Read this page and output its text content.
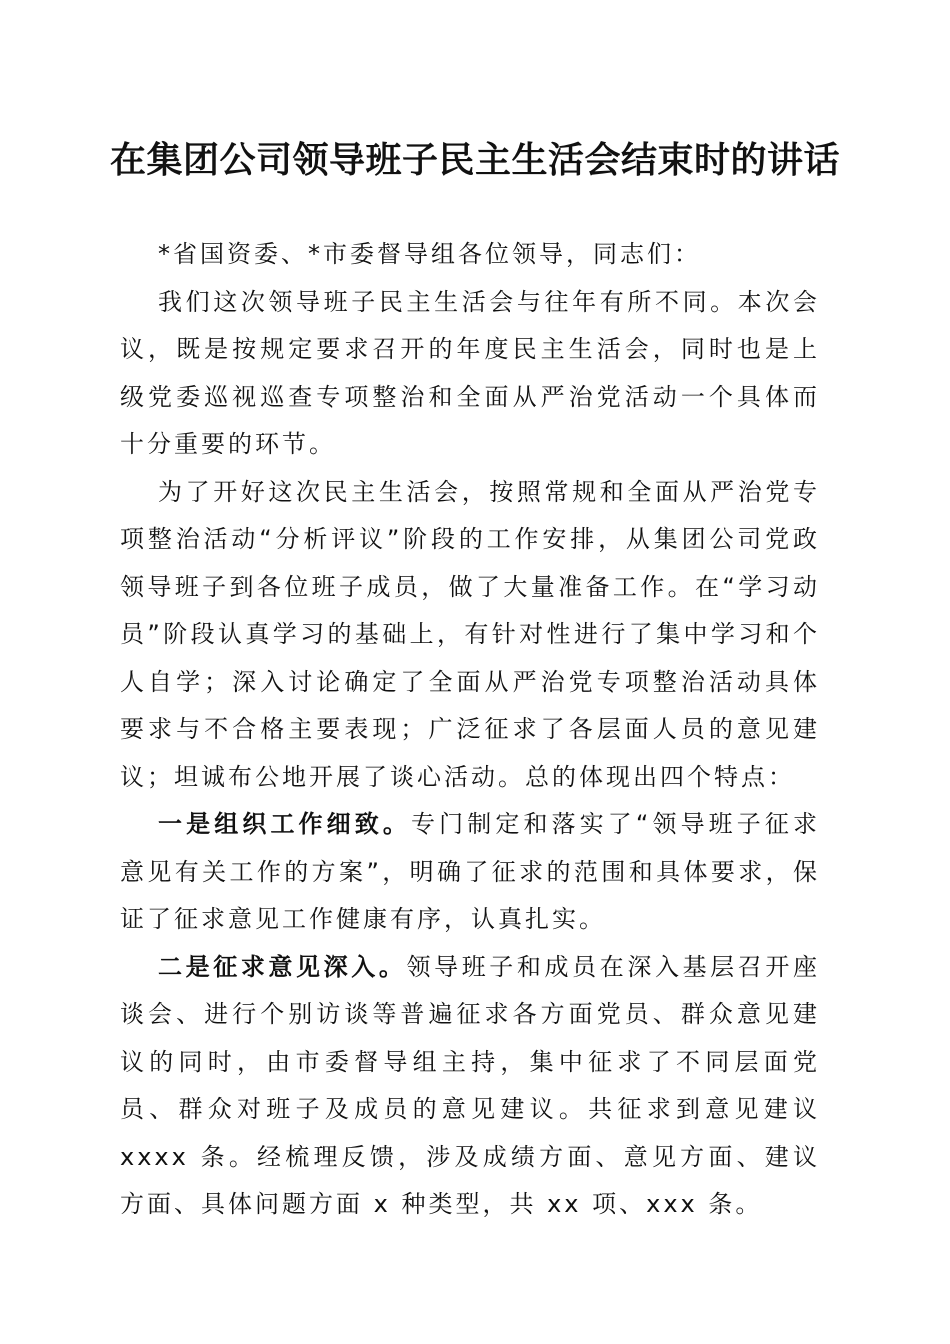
在集团公司领导班子民主生活会结束时的讲话

*省国资委、*市委督导组各位领导，同志们：

我们这次领导班子民主生活会与往年有所不同。本次会议，既是按规定要求召开的年度民主生活会，同时也是上级党委巡视巡查专项整治和全面从严治党活动一个具体而十分重要的环节。

为了开好这次民主生活会，按照常规和全面从严治党专项整治活动“分析评议”阶段的工作安排，从集团公司党政领导班子到各位班子成员，做了大量准备工作。在“学习动员”阶段认真学习的基础上，有针对性进行了集中学习和个人自学；深入讨论确定了全面从严治党专项整治活动具体要求与不合格主要表现；广泛征求了各层面人员的意见建议；坦诚布公地开展了谈心活动。总的体现出四个特点：

一是组织工作细致。专门制定和落实了“领导班子征求意见有关工作的方案”，明确了征求的范围和具体要求，保证了征求意见工作健康有序，认真扎实。

二是征求意见深入。领导班子和成员在深入基层召开座谈会、进行个别访谈等普遍征求各方面党员、群众意见建议的同时，由市委督导组主持，集中征求了不同层面党员、群众对班子及成员的意见建议。共征求到意见建议 xxxx 条。经梳理反馈，涉及成绩方面、意见方面、建议方面、具体问题方面 x 种类型，共 xx 项、xxx 条。
